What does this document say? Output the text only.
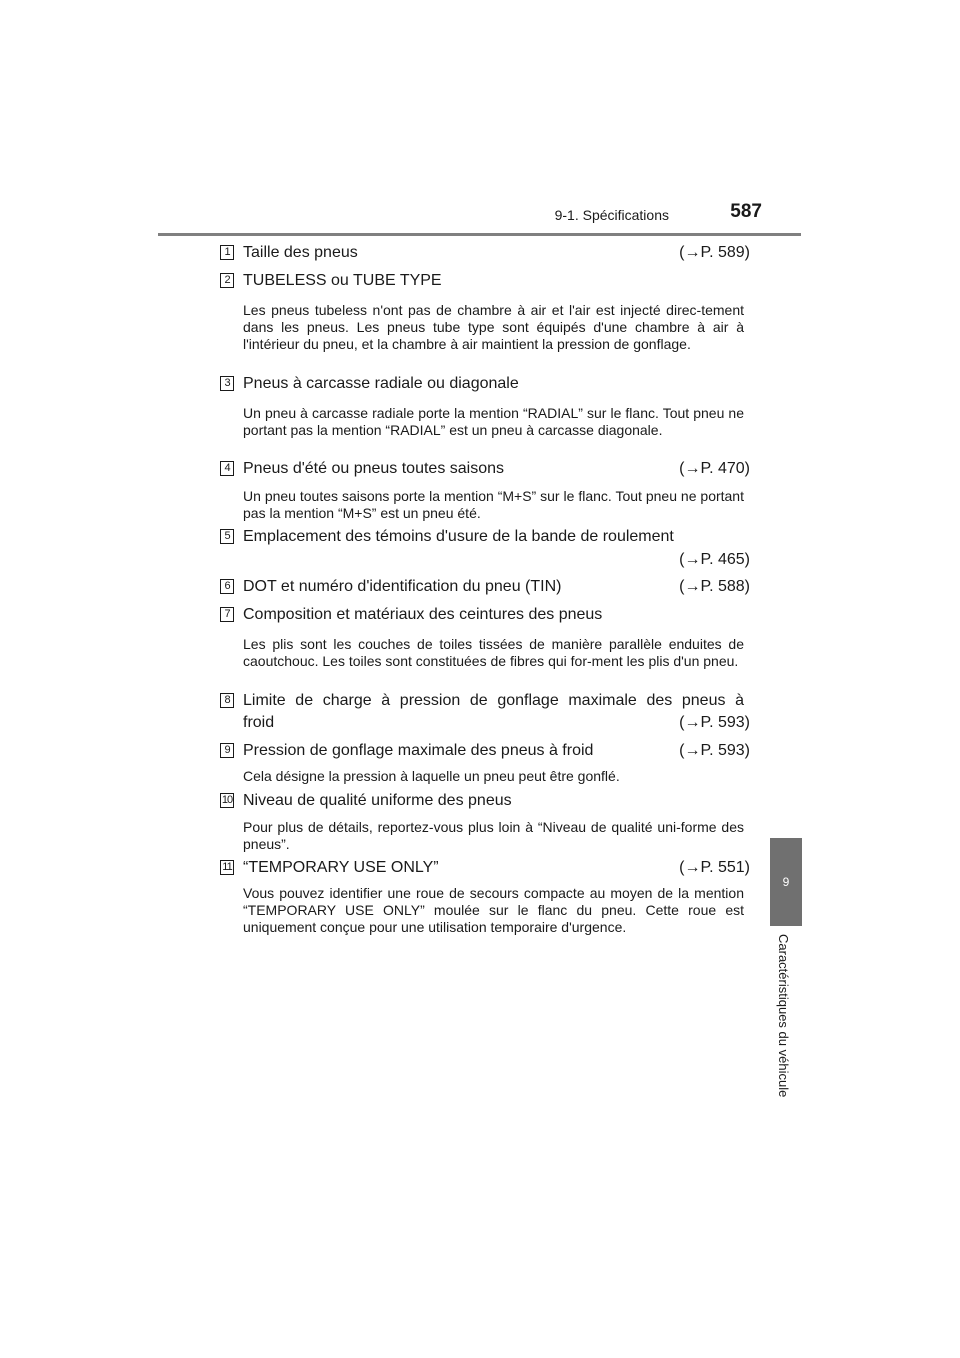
9-1. Spécifications	587
9
Caractéristiques du véhicule
1 Taille des pneus	(→P. 589)
2 TUBELESS ou TUBE TYPE
Les pneus tubeless n'ont pas de chambre à air et l'air est injecté direc-tement dans les pneus. Les pneus tube type sont équipés d'une chambre à air à l'intérieur du pneu, et la chambre à air maintient la pression de gonflage.
3 Pneus à carcasse radiale ou diagonale
Un pneu à carcasse radiale porte la mention “RADIAL” sur le flanc. Tout pneu ne portant pas la mention “RADIAL” est un pneu à carcasse diagonale.
4 Pneus d'été ou pneus toutes saisons	(→P. 470)
Un pneu toutes saisons porte la mention “M+S” sur le flanc. Tout pneu ne portant pas la mention “M+S” est un pneu été.
5 Emplacement des témoins d'usure de la bande de roulement
(→P. 465)
6 DOT et numéro d'identification du pneu (TIN)	(→P. 588)
7 Composition et matériaux des ceintures des pneus
Les plis sont les couches de toiles tissées de manière parallèle enduites de caoutchouc. Les toiles sont constituées de fibres qui for-ment les plis d'un pneu.
8 Limite de charge à pression de gonflage maximale des pneus à
froid	(→P. 593)
9 Pression de gonflage maximale des pneus à froid	(→P. 593)
Cela désigne la pression à laquelle un pneu peut être gonflé.
10 Niveau de qualité uniforme des pneus
Pour plus de détails, reportez-vous plus loin à “Niveau de qualité uni-forme des pneus”.
11 “TEMPORARY USE ONLY”	(→P. 551)
Vous pouvez identifier une roue de secours compacte au moyen de la mention “TEMPORARY USE ONLY” moulée sur le flanc du pneu. Cette roue est uniquement conçue pour une utilisation temporaire d'urgence.
